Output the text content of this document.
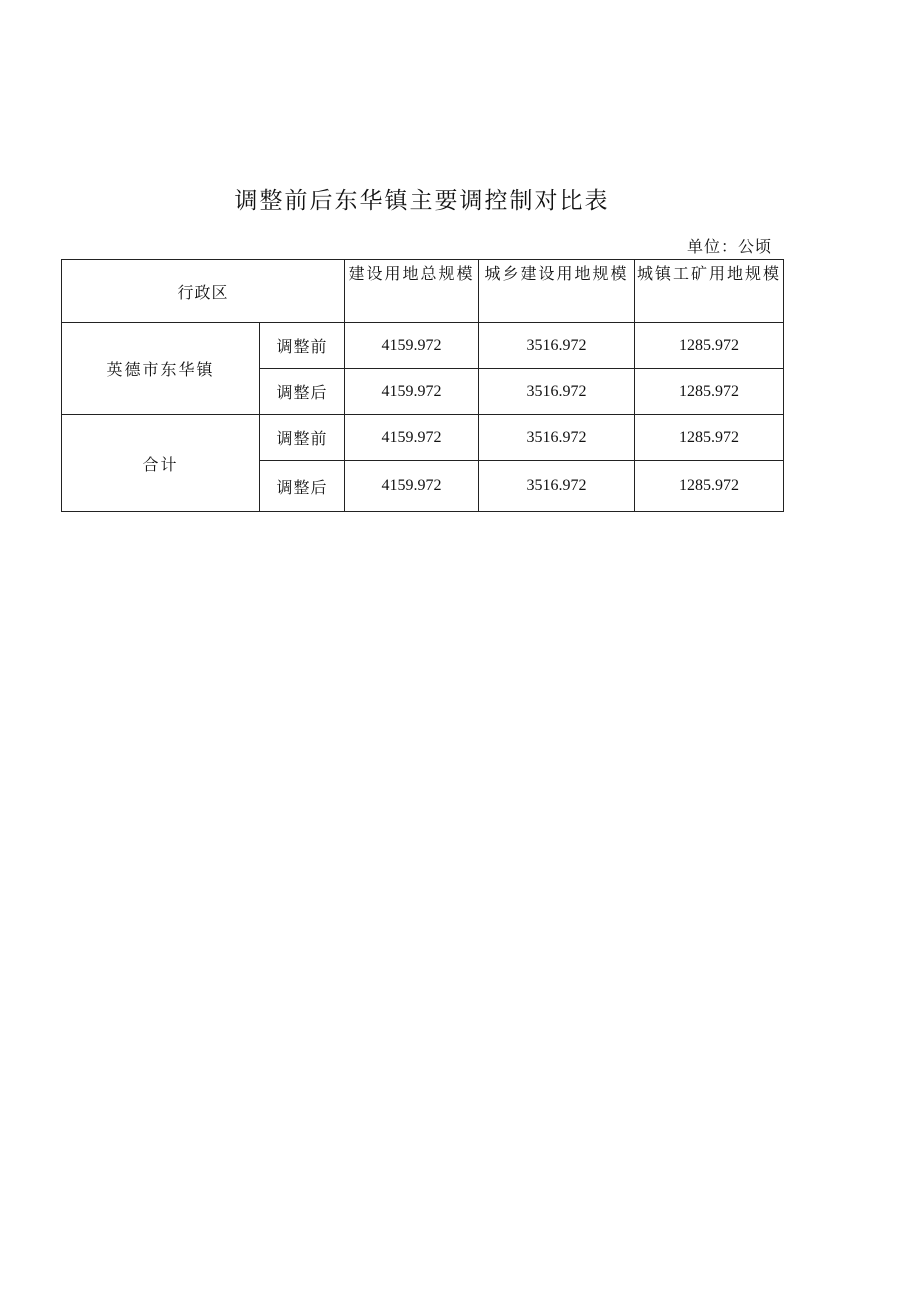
调整前后东华镇主要调控制对比表
单位：公顷
行政区		建设用地总规模	城乡建设用地规模	城镇工矿用地规模
英德市东华镇	调整前	4159.972	3516.972	1285.972
	调整后	4159.972	3516.972	1285.972
合计	调整前	4159.972	3516.972	1285.972
	调整后	4159.972	3516.972	1285.972
